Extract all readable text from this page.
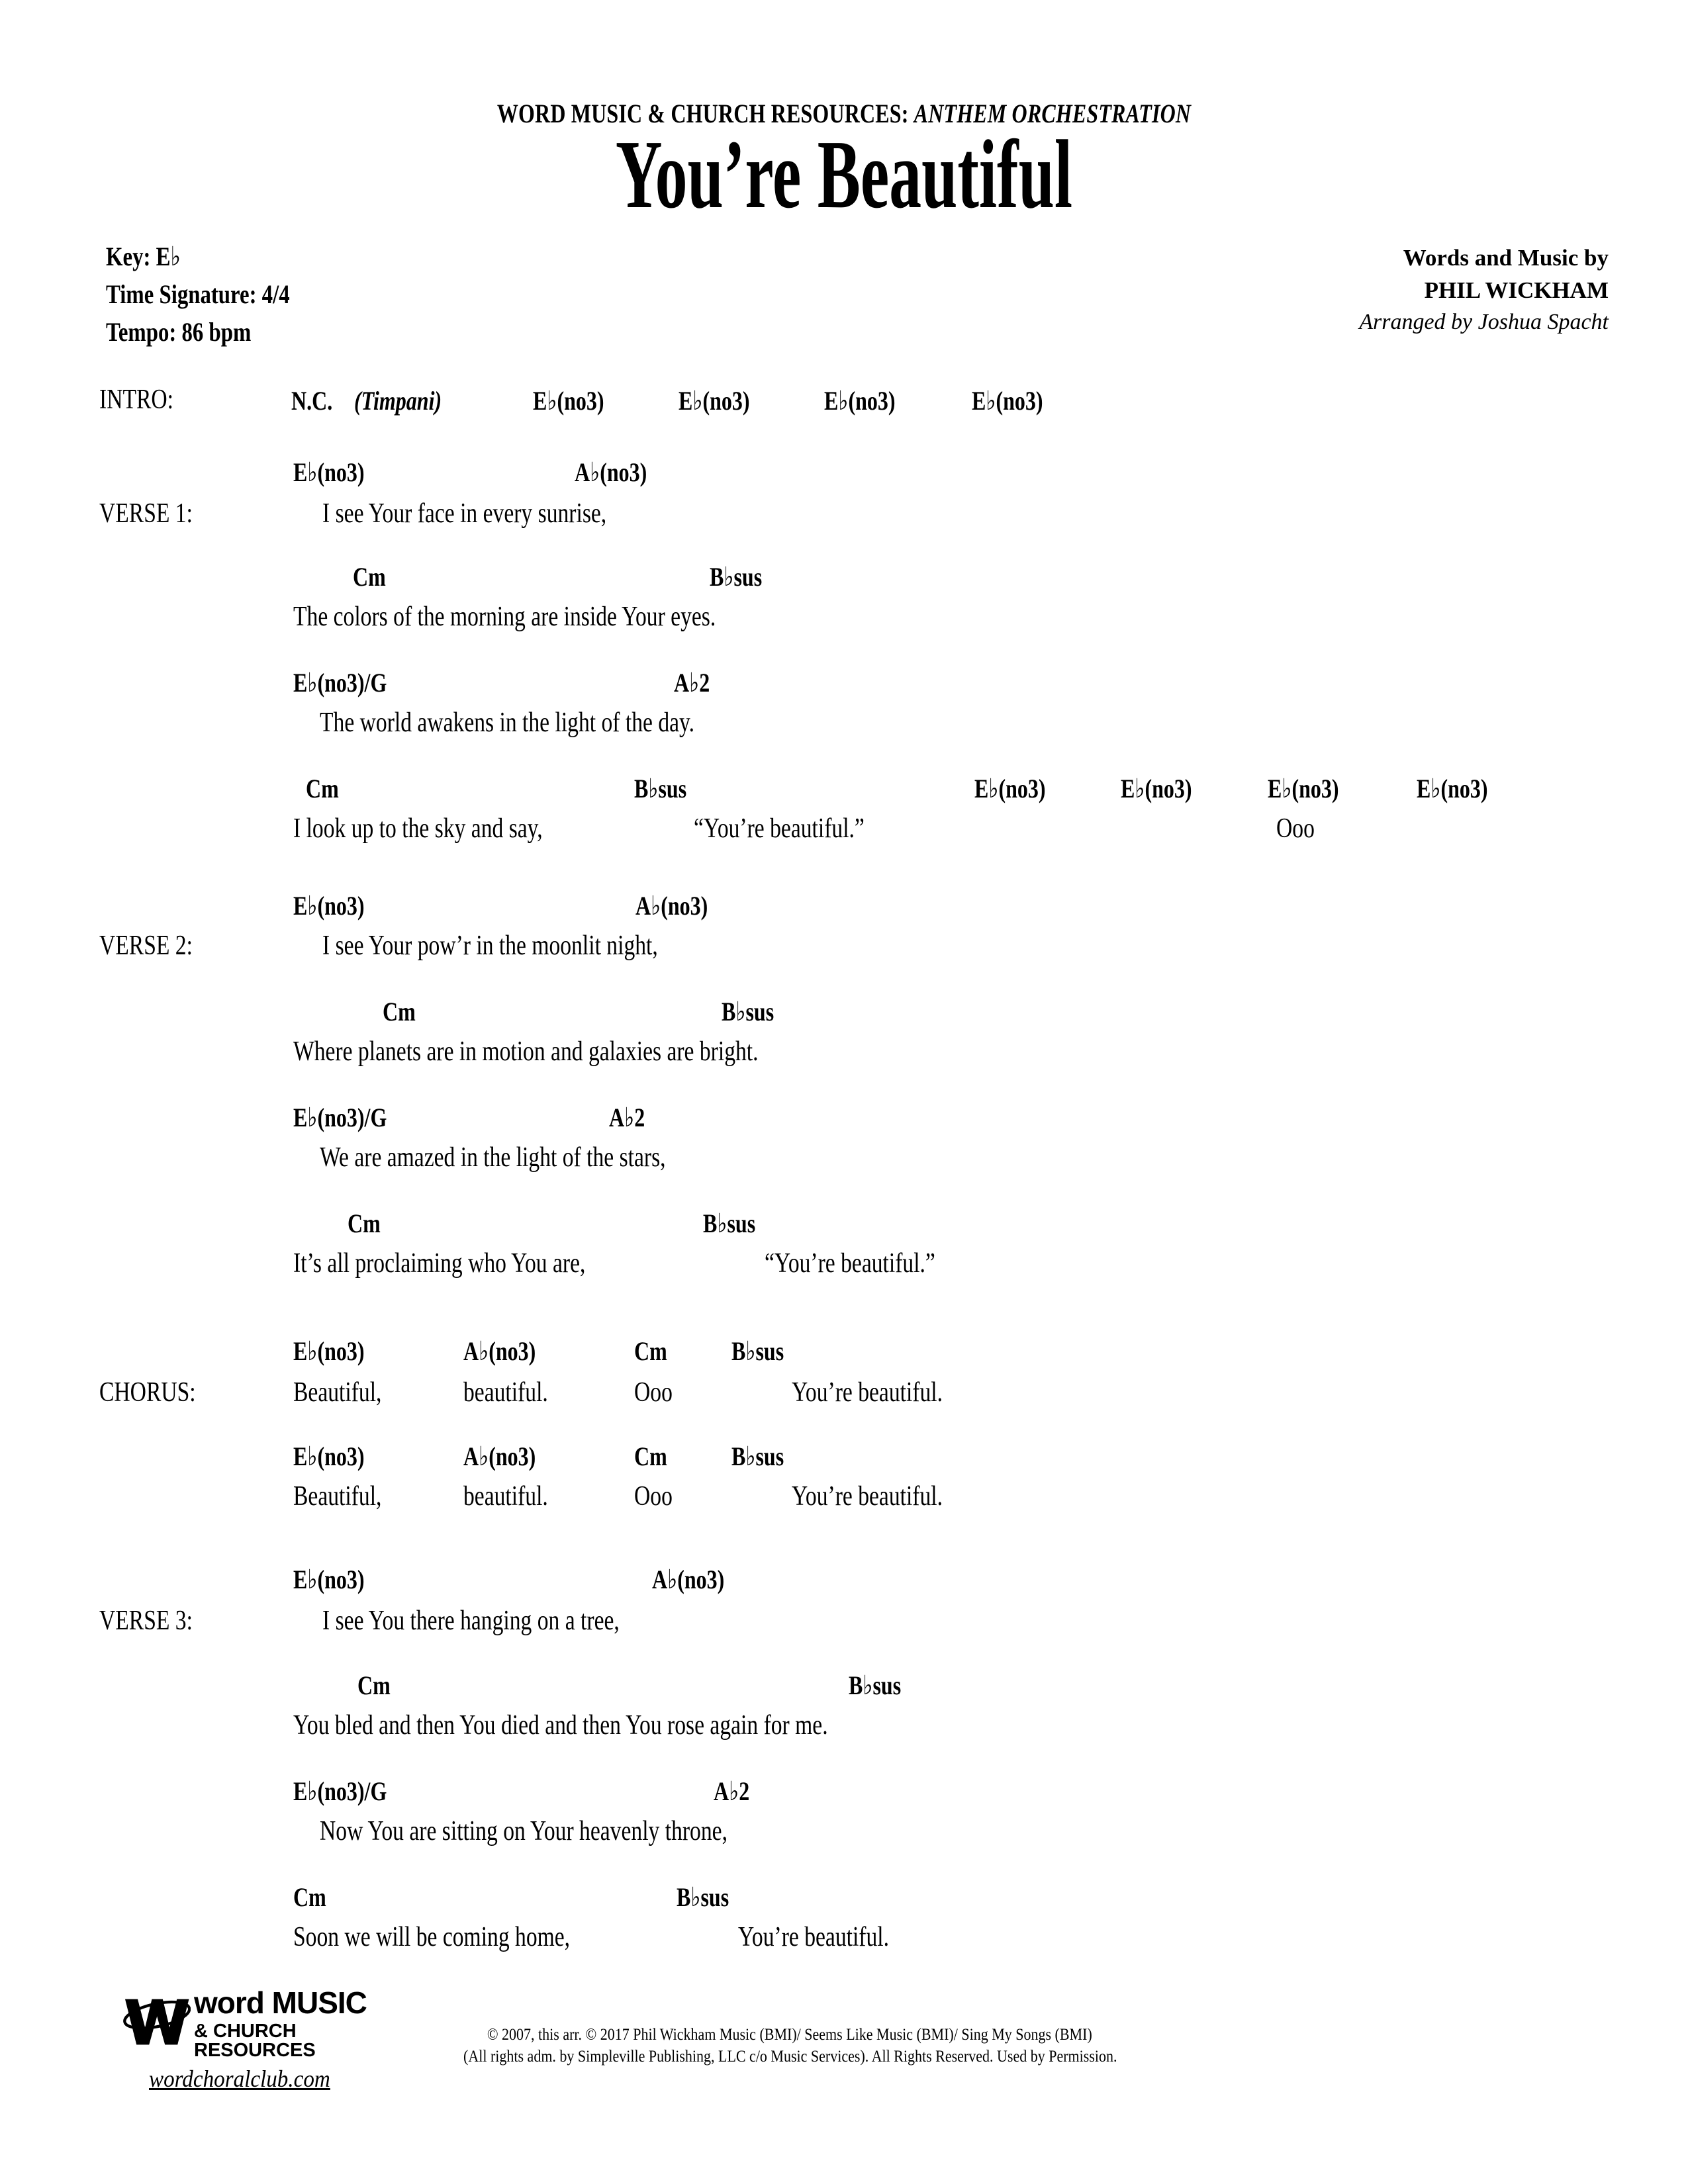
WORD MUSIC & CHURCH RESOURCES: ANTHEM ORCHESTRATION
You’re Beautiful
Key: E♭
Time Signature: 4/4
Tempo: 86 bpm
Words and Music by
PHIL WICKHAM
Arranged by Joshua Spacht
INTRO:	N.C. (Timpani)	E♭(no3)	E♭(no3)	E♭(no3)	E♭(no3)
VERSE 1:
E♭(no3)	A♭(no3)
I see Your face in every sunrise,
Cm	B♭sus
The colors of the morning are inside Your eyes.
E♭(no3)/G	A♭2
The world awakens in the light of the day.
Cm	B♭sus	E♭(no3)	E♭(no3)	E♭(no3)	E♭(no3)
I look up to the sky and say,	“You’re beautiful.”	Ooo
VERSE 2:
E♭(no3)	A♭(no3)
I see Your pow’r in the moonlit night,
Cm	B♭sus
Where planets are in motion and galaxies are bright.
E♭(no3)/G	A♭2
We are amazed in the light of the stars,
Cm	B♭sus
It’s all proclaiming who You are,	“You’re beautiful.”
CHORUS:
E♭(no3)	A♭(no3)	Cm B♭sus
Beautiful,	beautiful.	Ooo	You’re beautiful.
E♭(no3)	A♭(no3)	Cm B♭sus
Beautiful,	beautiful.	Ooo	You’re beautiful.
VERSE 3:
E♭(no3)	A♭(no3)
I see You there hanging on a tree,
Cm	B♭sus
You bled and then You died and then You rose again for me.
E♭(no3)/G	A♭2
Now You are sitting on Your heavenly throne,
Cm	B♭sus
Soon we will be coming home,	You’re beautiful.
word MUSIC
& CHURCH RESOURCES
wordchoralclub.com
© 2007, this arr. © 2017 Phil Wickham Music (BMI)/ Seems Like Music (BMI)/ Sing My Songs (BMI)
(All rights adm. by Simpleville Publishing, LLC c/o Music Services). All Rights Reserved. Used by Permission.
